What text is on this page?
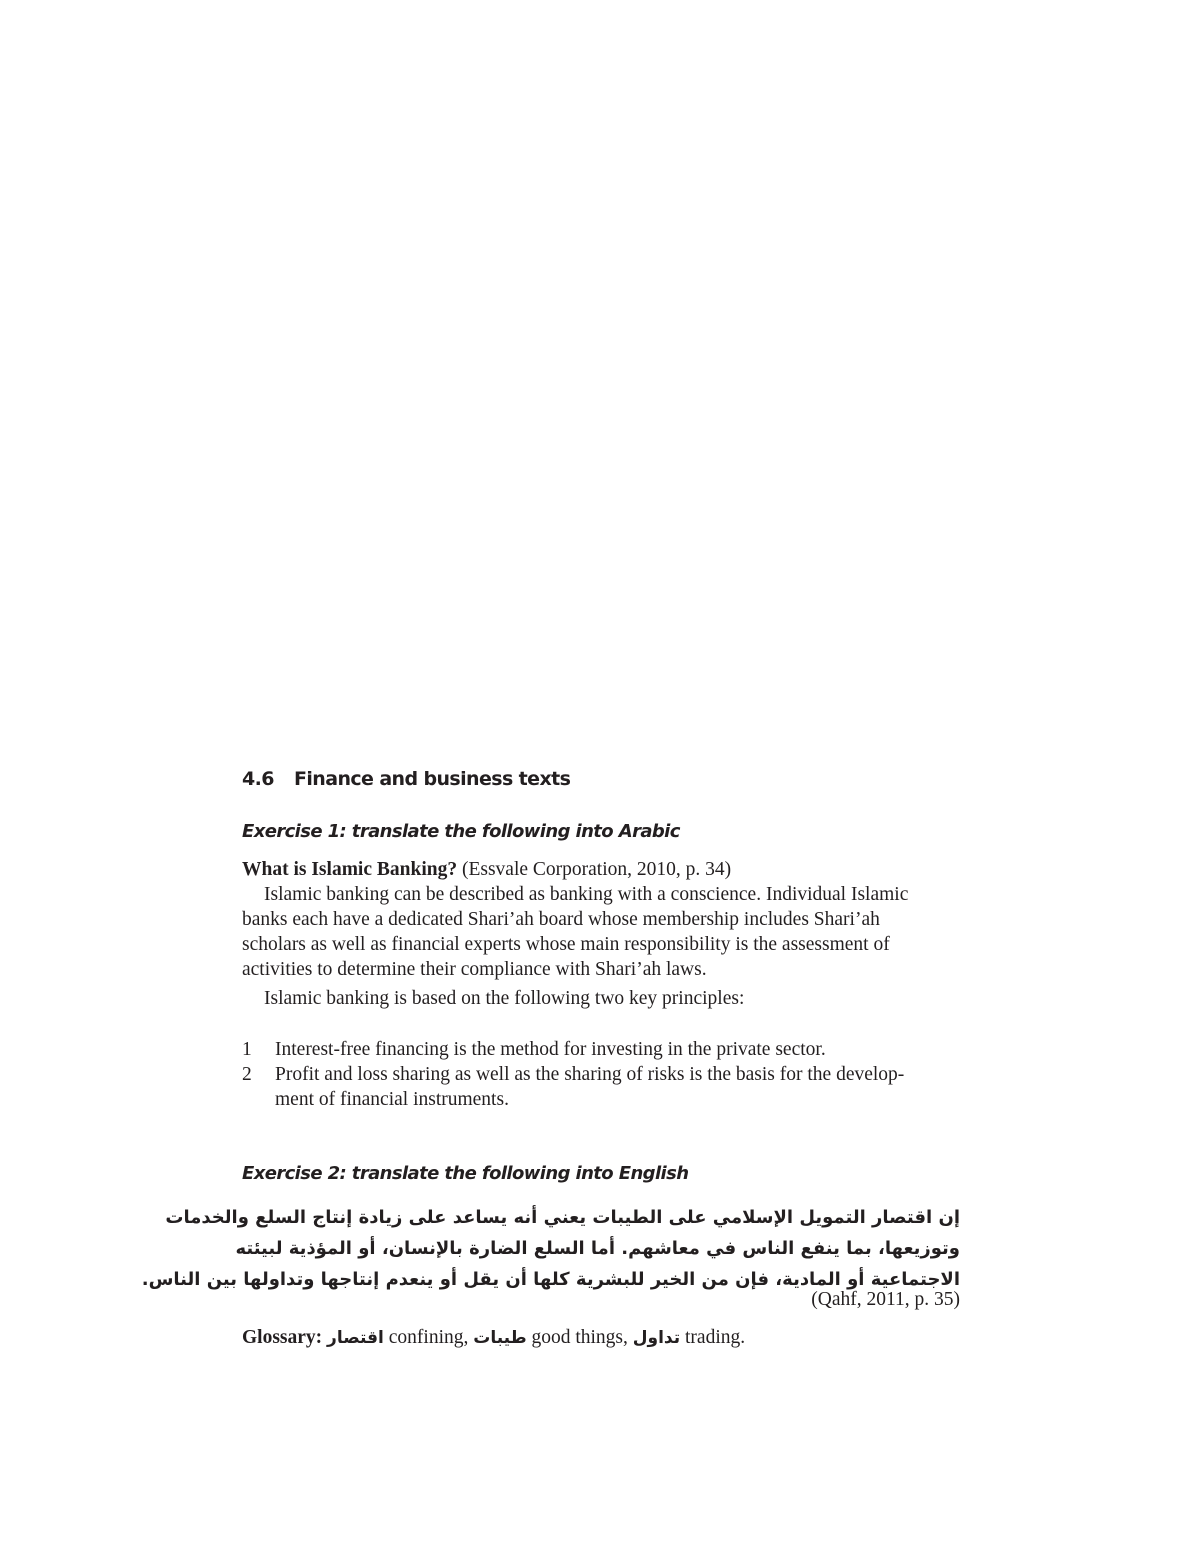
4.6 Finance and business texts
Exercise 1: translate the following into Arabic
What is Islamic Banking? (Essvale Corporation, 2010, p. 34)
Islamic banking can be described as banking with a conscience. Individual Islamic
banks each have a dedicated Shari’ah board whose membership includes Shari’ah
scholars as well as financial experts whose main responsibility is the assessment of
activities to determine their compliance with Shari’ah laws.
Islamic banking is based on the following two key principles:
1 Interest-free financing is the method for investing in the private sector.
2 Profit and loss sharing as well as the sharing of risks is the basis for the develop-
ment of financial instruments.
Exercise 2: translate the following into English
إن اقتصار التمويل الإسلامي على الطيبات يعني أنه يساعد على زيادة إنتاج السلع والخدمات
وتوزيعها، بما ينفع الناس في معاشهم. أما السلع الضارة بالإنسان، أو المؤذية لبيئته
الاجتماعية أو المادية، فإن من الخير للبشرية كلها أن يقل أو ينعدم إنتاجها وتداولها بين الناس.
(Qahf, 2011, p. 35)
Glossary: اقتصار confining, طيبات good things, تداول trading.
